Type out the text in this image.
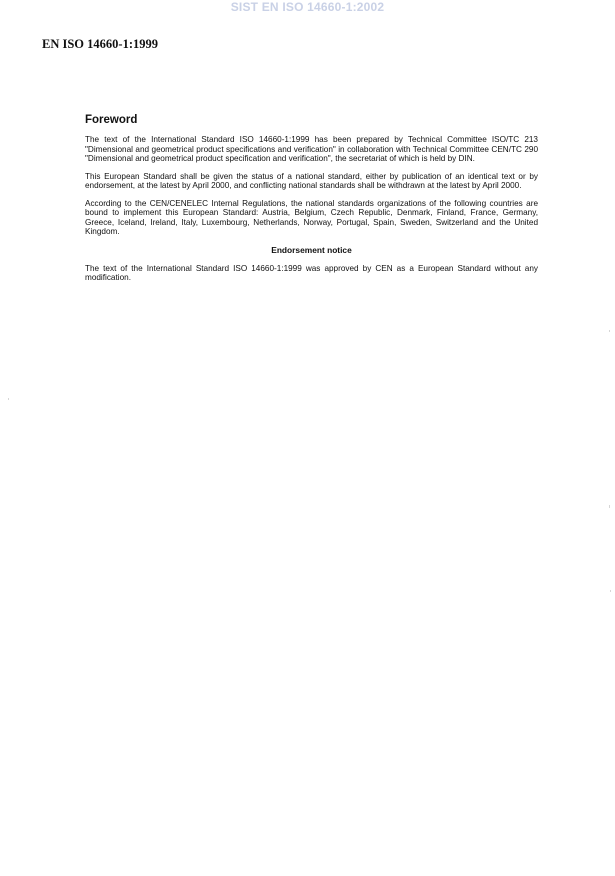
SIST EN ISO 14660-1:2002
EN ISO 14660-1:1999
Foreword

The text of the International Standard ISO 14660-1:1999 has been prepared by Technical Committee ISO/TC 213 "Dimensional and geometrical product specifications and verification" in collaboration with Technical Committee CEN/TC 290 "Dimensional and geometrical product specification and verification", the secretariat of which is held by DIN.

This European Standard shall be given the status of a national standard, either by publication of an identical text or by endorsement, at the latest by April 2000, and conflicting national standards shall be withdrawn at the latest by April 2000.

According to the CEN/CENELEC Internal Regulations, the national standards organizations of the following countries are bound to implement this European Standard: Austria, Belgium, Czech Republic, Denmark, Finland, France, Germany, Greece, Iceland, Ireland, Italy, Luxembourg, Netherlands, Norway, Portugal, Spain, Sweden, Switzerland and the United Kingdom.

Endorsement notice

The text of the International Standard ISO 14660-1:1999 was approved by CEN as a European Standard without any modification.
